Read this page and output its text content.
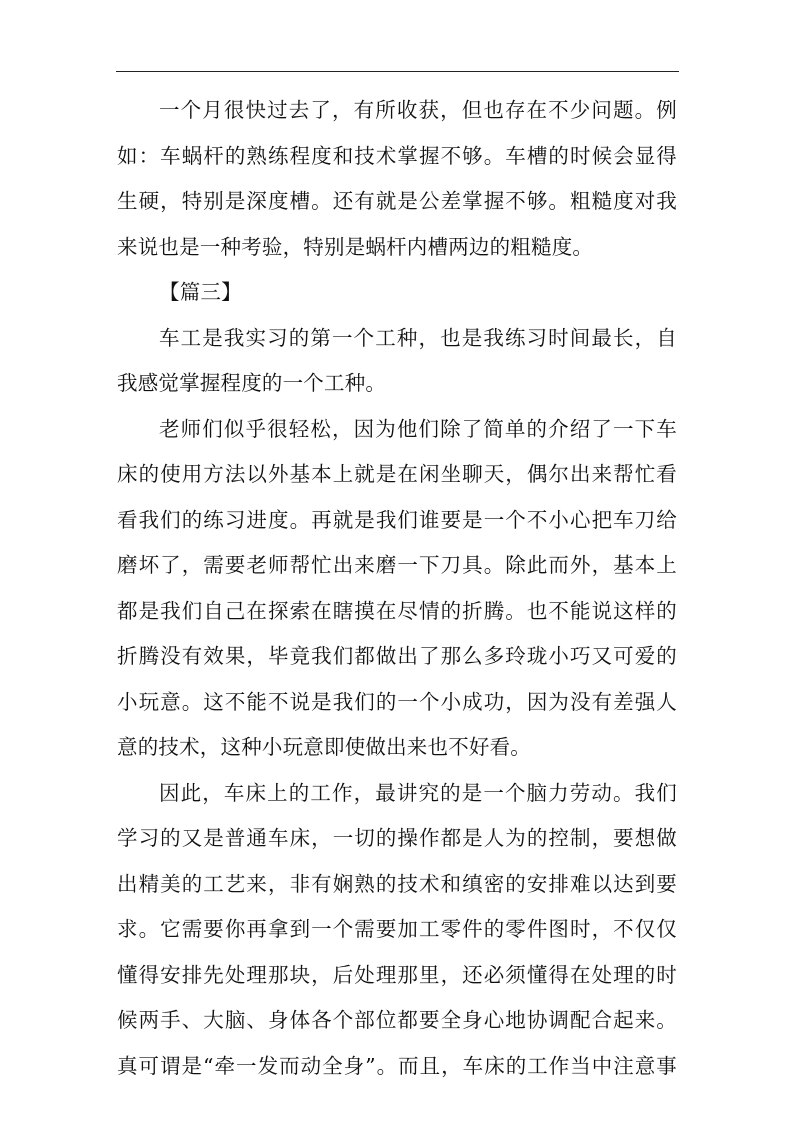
一个月很快过去了，有所收获，但也存在不少问题。例
如：车蜗杆的熟练程度和技术掌握不够。车槽的时候会显得
生硬，特别是深度槽。还有就是公差掌握不够。粗糙度对我
来说也是一种考验，特别是蜗杆内槽两边的粗糙度。
【篇三】
车工是我实习的第一个工种，也是我练习时间最长，自
我感觉掌握程度的一个工种。
老师们似乎很轻松，因为他们除了简单的介绍了一下车
床的使用方法以外基本上就是在闲坐聊天，偶尔出来帮忙看
看我们的练习进度。再就是我们谁要是一个不小心把车刀给
磨坏了，需要老师帮忙出来磨一下刀具。除此而外，基本上
都是我们自己在探索在瞎摸在尽情的折腾。也不能说这样的
折腾没有效果，毕竟我们都做出了那么多玲珑小巧又可爱的
小玩意。这不能不说是我们的一个小成功，因为没有差强人
意的技术，这种小玩意即使做出来也不好看。
因此，车床上的工作，最讲究的是一个脑力劳动。我们
学习的又是普通车床，一切的操作都是人为的控制，要想做
出精美的工艺来，非有娴熟的技术和缜密的安排难以达到要
求。它需要你再拿到一个需要加工零件的零件图时，不仅仅
懂得安排先处理那块，后处理那里，还必须懂得在处理的时
候两手、大脑、身体各个部位都要全身心地协调配合起来。
真可谓是“牵一发而动全身”。而且，车床的工作当中注意事
